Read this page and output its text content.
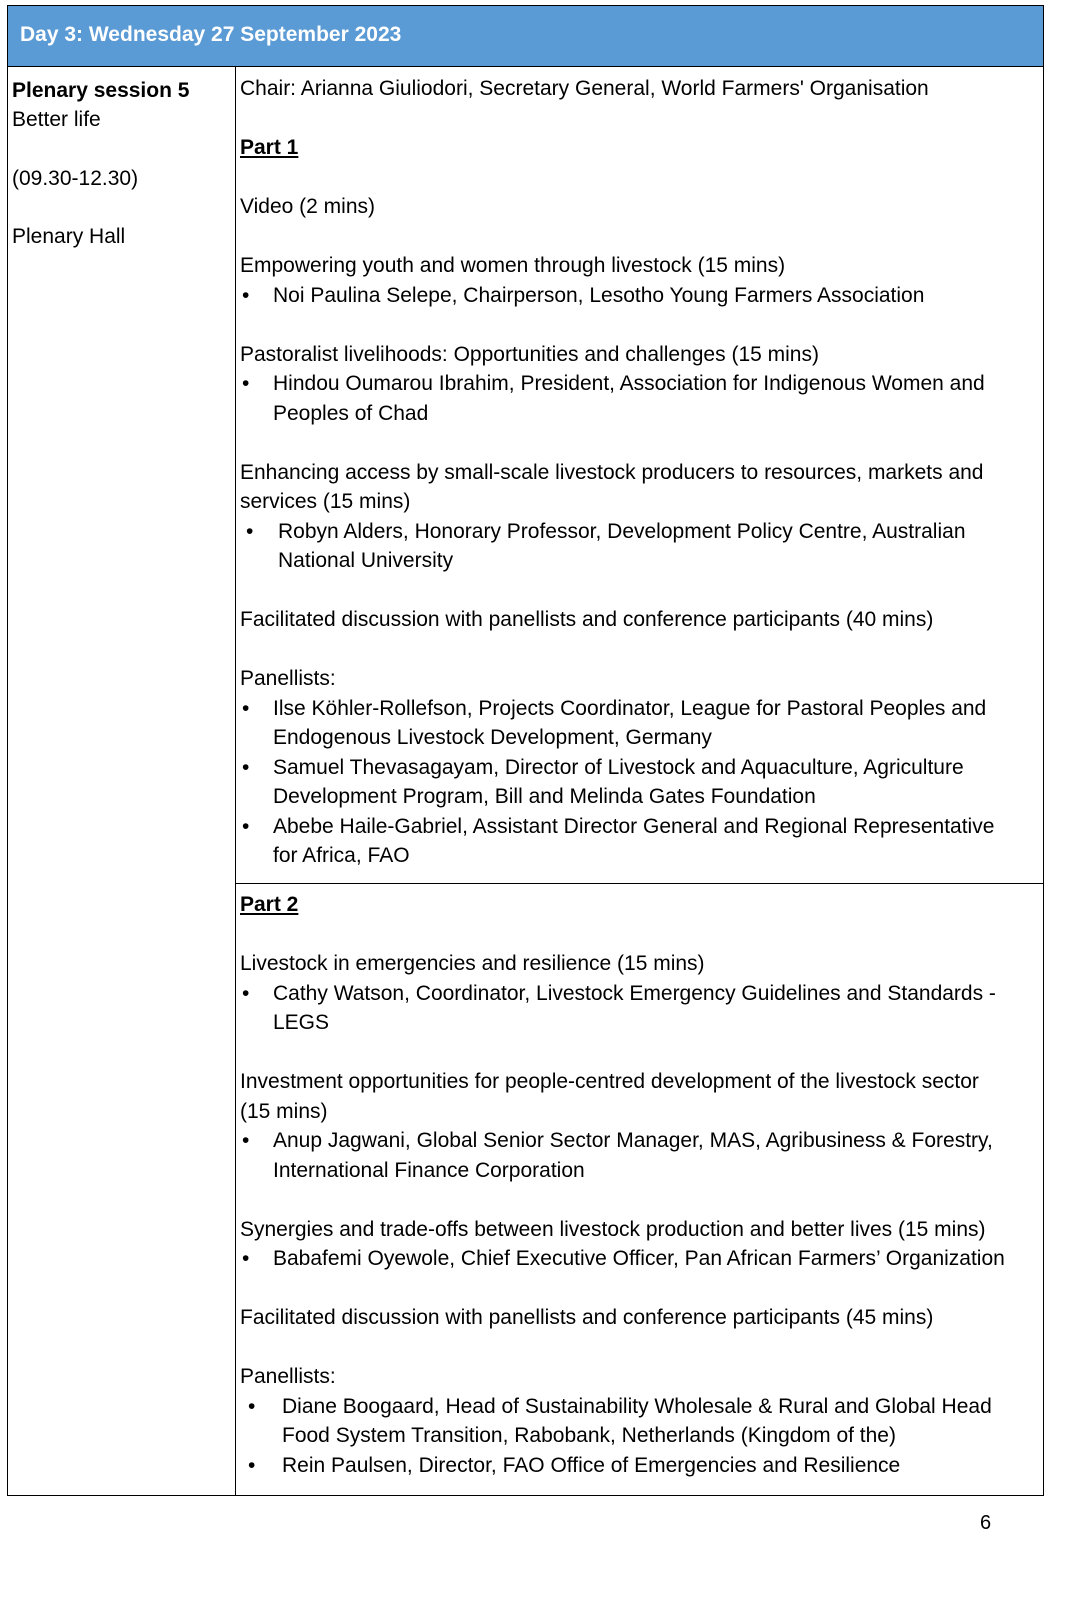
Day 3: Wednesday 27 September 2023
Plenary session 5
Better life
(09.30-12.30)
Plenary Hall
Chair: Arianna Giuliodori, Secretary General, World Farmers' Organisation
Part 1
Video (2 mins)
Empowering youth and women through livestock (15 mins)
• Noi Paulina Selepe, Chairperson, Lesotho Young Farmers Association
Pastoralist livelihoods: Opportunities and challenges (15 mins)
• Hindou Oumarou Ibrahim, President, Association for Indigenous Women and
Peoples of Chad
Enhancing access by small-scale livestock producers to resources, markets and
services (15 mins)
• Robyn Alders, Honorary Professor, Development Policy Centre, Australian
National University
Facilitated discussion with panellists and conference participants (40 mins)
Panellists:
• Ilse Köhler-Rollefson, Projects Coordinator, League for Pastoral Peoples and
Endogenous Livestock Development, Germany
• Samuel Thevasagayam, Director of Livestock and Aquaculture, Agriculture
Development Program, Bill and Melinda Gates Foundation
• Abebe Haile-Gabriel, Assistant Director General and Regional Representative
for Africa, FAO
Part 2
Livestock in emergencies and resilience (15 mins)
• Cathy Watson, Coordinator, Livestock Emergency Guidelines and Standards -
LEGS
Investment opportunities for people-centred development of the livestock sector
(15 mins)
• Anup Jagwani, Global Senior Sector Manager, MAS, Agribusiness & Forestry,
International Finance Corporation
Synergies and trade-offs between livestock production and better lives (15 mins)
• Babafemi Oyewole, Chief Executive Officer, Pan African Farmers’ Organization
Facilitated discussion with panellists and conference participants (45 mins)
Panellists:
• Diane Boogaard, Head of Sustainability Wholesale & Rural and Global Head
Food System Transition, Rabobank, Netherlands (Kingdom of the)
• Rein Paulsen, Director, FAO Office of Emergencies and Resilience
6
